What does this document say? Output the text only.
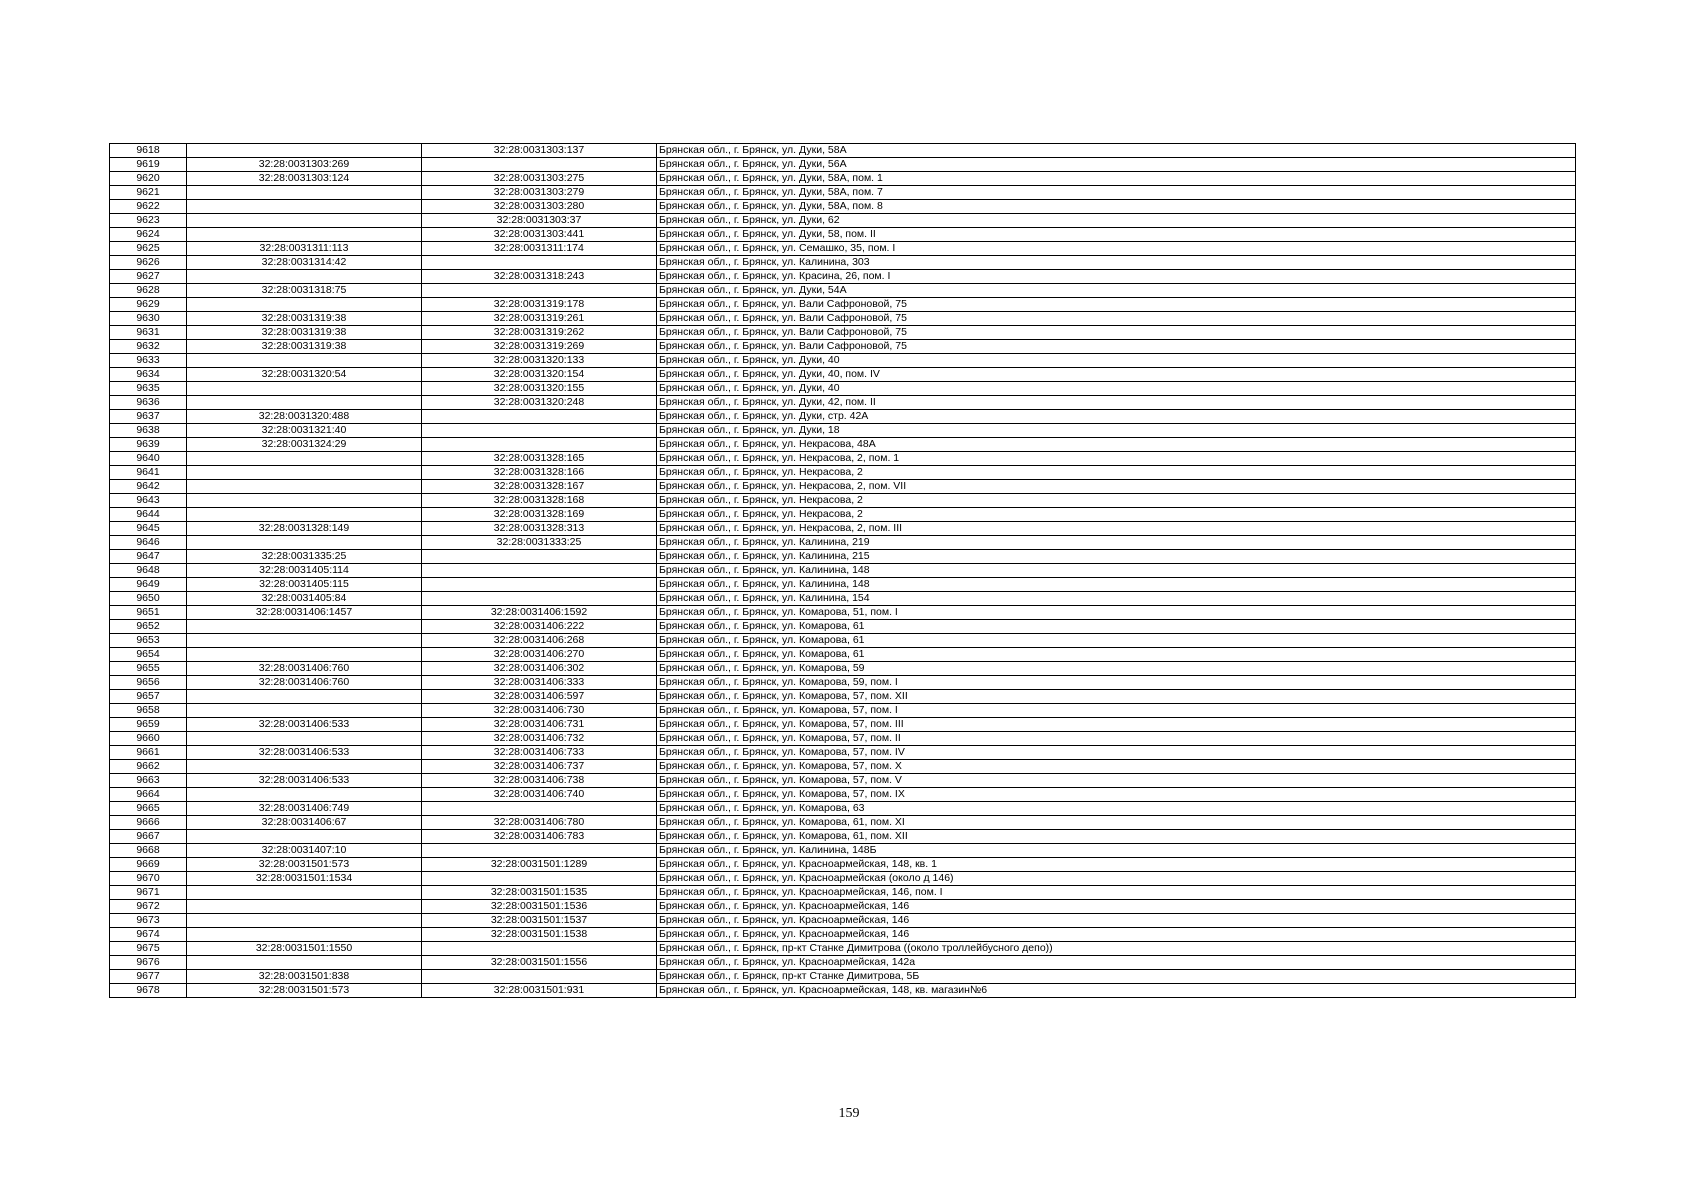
9618		32:28:0031303:137	Брянская обл., г. Брянск, ул. Дуки, 58А
9619	32:28:0031303:269		Брянская обл., г. Брянск, ул. Дуки, 56А
9620	32:28:0031303:124	32:28:0031303:275	Брянская обл., г. Брянск, ул. Дуки, 58А, пом. 1
9621		32:28:0031303:279	Брянская обл., г. Брянск, ул. Дуки, 58А, пом. 7
9622		32:28:0031303:280	Брянская обл., г. Брянск, ул. Дуки, 58А, пом. 8
9623		32:28:0031303:37	Брянская обл., г. Брянск, ул. Дуки, 62
9624		32:28:0031303:441	Брянская обл., г. Брянск, ул. Дуки, 58, пом. II
9625	32:28:0031311:113	32:28:0031311:174	Брянская обл., г. Брянск, ул. Семашко, 35, пом. I
9626	32:28:0031314:42		Брянская обл., г. Брянск, ул. Калинина, 303
9627		32:28:0031318:243	Брянская обл., г. Брянск, ул. Красина, 26, пом. I
9628	32:28:0031318:75		Брянская обл., г. Брянск, ул. Дуки, 54А
9629		32:28:0031319:178	Брянская обл., г. Брянск, ул. Вали Сафроновой, 75
9630	32:28:0031319:38	32:28:0031319:261	Брянская обл., г. Брянск, ул. Вали Сафроновой, 75
9631	32:28:0031319:38	32:28:0031319:262	Брянская обл., г. Брянск, ул. Вали Сафроновой, 75
9632	32:28:0031319:38	32:28:0031319:269	Брянская обл., г. Брянск, ул. Вали Сафроновой, 75
9633		32:28:0031320:133	Брянская обл., г. Брянск, ул. Дуки, 40
9634	32:28:0031320:54	32:28:0031320:154	Брянская обл., г. Брянск, ул. Дуки, 40, пом. IV
9635		32:28:0031320:155	Брянская обл., г. Брянск, ул. Дуки, 40
9636		32:28:0031320:248	Брянская обл., г. Брянск, ул. Дуки, 42, пом. II
9637	32:28:0031320:488		Брянская обл., г. Брянск, ул. Дуки, стр. 42А
9638	32:28:0031321:40		Брянская обл., г. Брянск, ул. Дуки, 18
9639	32:28:0031324:29		Брянская обл., г. Брянск, ул. Некрасова, 48А
9640		32:28:0031328:165	Брянская обл., г. Брянск, ул. Некрасова, 2, пом. 1
9641		32:28:0031328:166	Брянская обл., г. Брянск, ул. Некрасова, 2
9642		32:28:0031328:167	Брянская обл., г. Брянск, ул. Некрасова, 2, пом. VII
9643		32:28:0031328:168	Брянская обл., г. Брянск, ул. Некрасова, 2
9644		32:28:0031328:169	Брянская обл., г. Брянск, ул. Некрасова, 2
9645	32:28:0031328:149	32:28:0031328:313	Брянская обл., г. Брянск, ул. Некрасова, 2, пом. III
9646		32:28:0031333:25	Брянская обл., г. Брянск, ул. Калинина, 219
9647	32:28:0031335:25		Брянская обл., г. Брянск, ул. Калинина, 215
9648	32:28:0031405:114		Брянская обл., г. Брянск, ул. Калинина, 148
9649	32:28:0031405:115		Брянская обл., г. Брянск, ул. Калинина, 148
9650	32:28:0031405:84		Брянская обл., г. Брянск, ул. Калинина, 154
9651	32:28:0031406:1457	32:28:0031406:1592	Брянская обл., г. Брянск, ул. Комарова, 51, пом. I
9652		32:28:0031406:222	Брянская обл., г. Брянск, ул. Комарова, 61
9653		32:28:0031406:268	Брянская обл., г. Брянск, ул. Комарова, 61
9654		32:28:0031406:270	Брянская обл., г. Брянск, ул. Комарова, 61
9655	32:28:0031406:760	32:28:0031406:302	Брянская обл., г. Брянск, ул. Комарова, 59
9656	32:28:0031406:760	32:28:0031406:333	Брянская обл., г. Брянск, ул. Комарова, 59, пом. I
9657		32:28:0031406:597	Брянская обл., г. Брянск, ул. Комарова, 57, пом. XII
9658		32:28:0031406:730	Брянская обл., г. Брянск, ул. Комарова, 57, пом. I
9659	32:28:0031406:533	32:28:0031406:731	Брянская обл., г. Брянск, ул. Комарова, 57, пом. III
9660		32:28:0031406:732	Брянская обл., г. Брянск, ул. Комарова, 57, пом. II
9661	32:28:0031406:533	32:28:0031406:733	Брянская обл., г. Брянск, ул. Комарова, 57, пом. IV
9662		32:28:0031406:737	Брянская обл., г. Брянск, ул. Комарова, 57, пом. X
9663	32:28:0031406:533	32:28:0031406:738	Брянская обл., г. Брянск, ул. Комарова, 57, пом. V
9664		32:28:0031406:740	Брянская обл., г. Брянск, ул. Комарова, 57, пом. IX
9665	32:28:0031406:749		Брянская обл., г. Брянск, ул. Комарова, 63
9666	32:28:0031406:67	32:28:0031406:780	Брянская обл., г. Брянск, ул. Комарова, 61, пом. XI
9667		32:28:0031406:783	Брянская обл., г. Брянск, ул. Комарова, 61, пом. XII
9668	32:28:0031407:10		Брянская обл., г. Брянск, ул. Калинина, 148Б
9669	32:28:0031501:573	32:28:0031501:1289	Брянская обл., г. Брянск, ул. Красноармейская, 148, кв. 1
9670	32:28:0031501:1534		Брянская обл., г. Брянск, ул. Красноармейская (около д 146)
9671		32:28:0031501:1535	Брянская обл., г. Брянск, ул. Красноармейская, 146, пом. I
9672		32:28:0031501:1536	Брянская обл., г. Брянск, ул. Красноармейская, 146
9673		32:28:0031501:1537	Брянская обл., г. Брянск, ул. Красноармейская, 146
9674		32:28:0031501:1538	Брянская обл., г. Брянск, ул. Красноармейская, 146
9675	32:28:0031501:1550		Брянская обл., г. Брянск, пр-кт Станке Димитрова ((около троллейбусного депо))
9676		32:28:0031501:1556	Брянская обл., г. Брянск, ул. Красноармейская, 142а
9677	32:28:0031501:838		Брянская обл., г. Брянск, пр-кт Станке Димитрова, 5Б
9678	32:28:0031501:573	32:28:0031501:931	Брянская обл., г. Брянск, ул. Красноармейская, 148, кв. магазин№6
159
